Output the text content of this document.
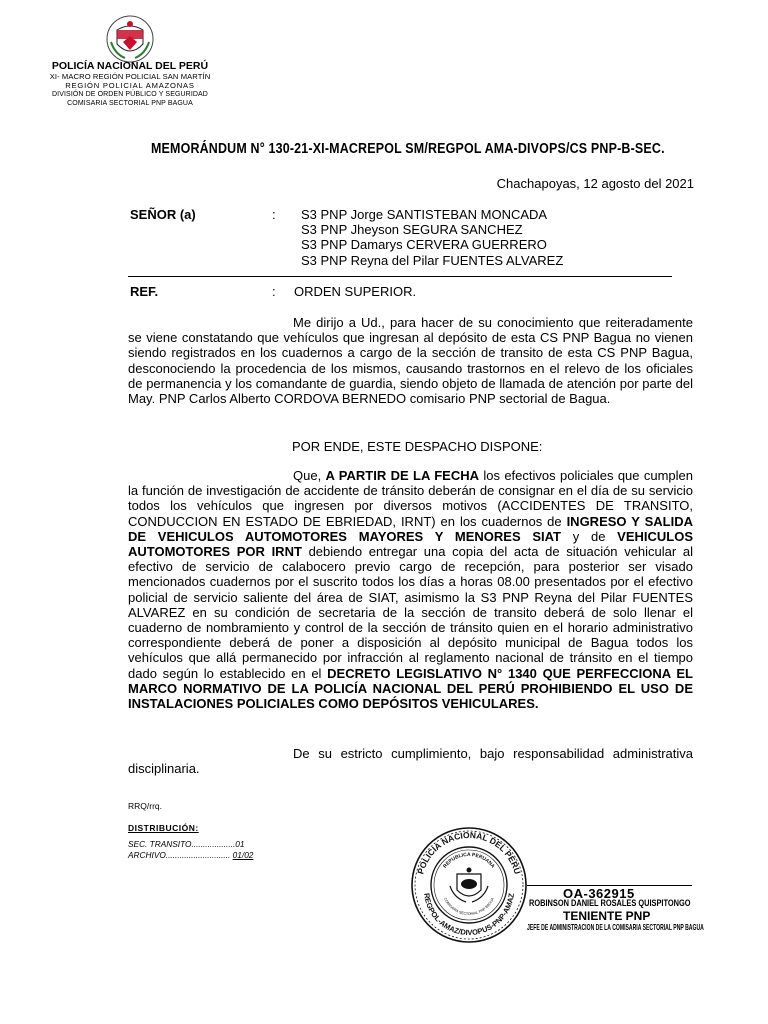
POLICÍA NACIONAL DEL PERÚ
XI- MACRO REGIÓN POLICIAL SAN MARTÍN
REGIÓN POLICIAL AMAZONAS
DIVISIÓN DE ORDEN PÚBLICO Y SEGURIDAD
COMISARIA SECTORIAL PNP BAGUA
MEMORÁNDUM N° 130-21-XI-MACREPOL SM/REGPOL AMA-DIVOPS/CS PNP-B-SEC.
Chachapoyas, 12 agosto del 2021
SEÑOR (a)	: S3 PNP Jorge SANTISTEBAN MONCADA
S3 PNP Jheyson SEGURA SANCHEZ
S3 PNP Damarys CERVERA GUERRERO
S3 PNP Reyna del Pilar FUENTES ALVAREZ
REF.	: ORDEN SUPERIOR.
Me dirijo a Ud., para hacer de su conocimiento que reiteradamente se viene constatando que vehículos que ingresan al depósito de esta CS PNP Bagua no vienen siendo registrados en los cuadernos a cargo de la sección de transito de esta CS PNP Bagua, desconociendo la procedencia de los mismos, causando trastornos en el relevo de los oficiales de permanencia y los comandante de guardia, siendo objeto de llamada de atención por parte del May. PNP Carlos Alberto CORDOVA BERNEDO comisario PNP sectorial de Bagua.
POR ENDE, ESTE DESPACHO DISPONE:
Que, A PARTIR DE LA FECHA los efectivos policiales que cumplen la función de investigación de accidente de tránsito deberán de consignar en el día de su servicio todos los vehículos que ingresen por diversos motivos (ACCIDENTES DE TRANSITO, CONDUCCION EN ESTADO DE EBRIEDAD, IRNT) en los cuadernos de INGRESO Y SALIDA DE VEHICULOS AUTOMOTORES MAYORES Y MENORES SIAT y de VEHICULOS AUTOMOTORES POR IRNT debiendo entregar una copia del acta de situación vehicular al efectivo de servicio de calabocero previo cargo de recepción, para posterior ser visado mencionados cuadernos por el suscrito todos los días a horas 08.00 presentados por el efectivo policial de servicio saliente del área de SIAT, asimismo la S3 PNP Reyna del Pilar FUENTES ALVAREZ en su condición de secretaria de la sección de transito deberá de solo llenar el cuaderno de nombramiento y control de la sección de tránsito quien en el horario administrativo correspondiente deberá de poner a disposición al depósito municipal de Bagua todos los vehículos que allá permanecido por infracción al reglamento nacional de tránsito en el tiempo dado según lo establecido en el DECRETO LEGISLATIVO N° 1340 QUE PERFECCIONA EL MARCO NORMATIVO DE LA POLICÍA NACIONAL DEL PERÚ PROHIBIENDO EL USO DE INSTALACIONES POLICIALES COMO DEPÓSITOS VEHICULARES.
De su estricto cumplimiento, bajo responsabilidad administrativa disciplinaria.
RRQ/rrq.
DISTRIBUCIÓN:
SEC. TRANSITO...................01
ARCHIVO............................ 01/02
POLICIA NACIONAL DEL PERU
REGPOL-AMAZ/DIVOPUS-PNP-AMAZ
REPUBLICA PERUANA
COMISARIA SECTORIAL PNP BAGUA	OA-362915
ROBINSON DANIEL ROSALES QUISPITONGO
TENIENTE PNP
JEFE DE ADMINISTRACION DE LA COMISARIA SECTORIAL PNP BAGUA
